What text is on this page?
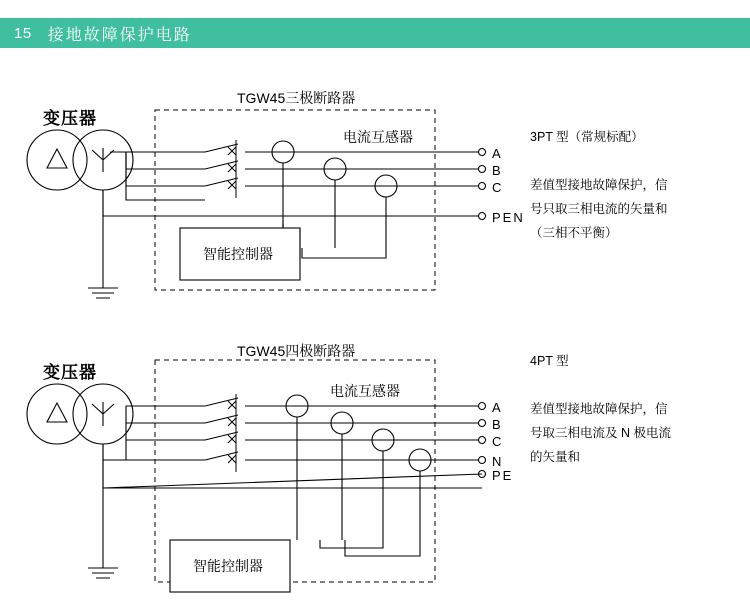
15 接地故障保护电路
变压器
TGW45三极断路器
电流互感器
智能控制器
A
B
C
PEN
3PT 型（常规标配）
差值型接地故障保护，信
号只取三相电流的矢量和
（三相不平衡）
变压器
TGW45四极断路器
电流互感器
智能控制器
A
B
C
N
PE
4PT 型
差值型接地故障保护，信
号取三相电流及 N 极电流
的矢量和
